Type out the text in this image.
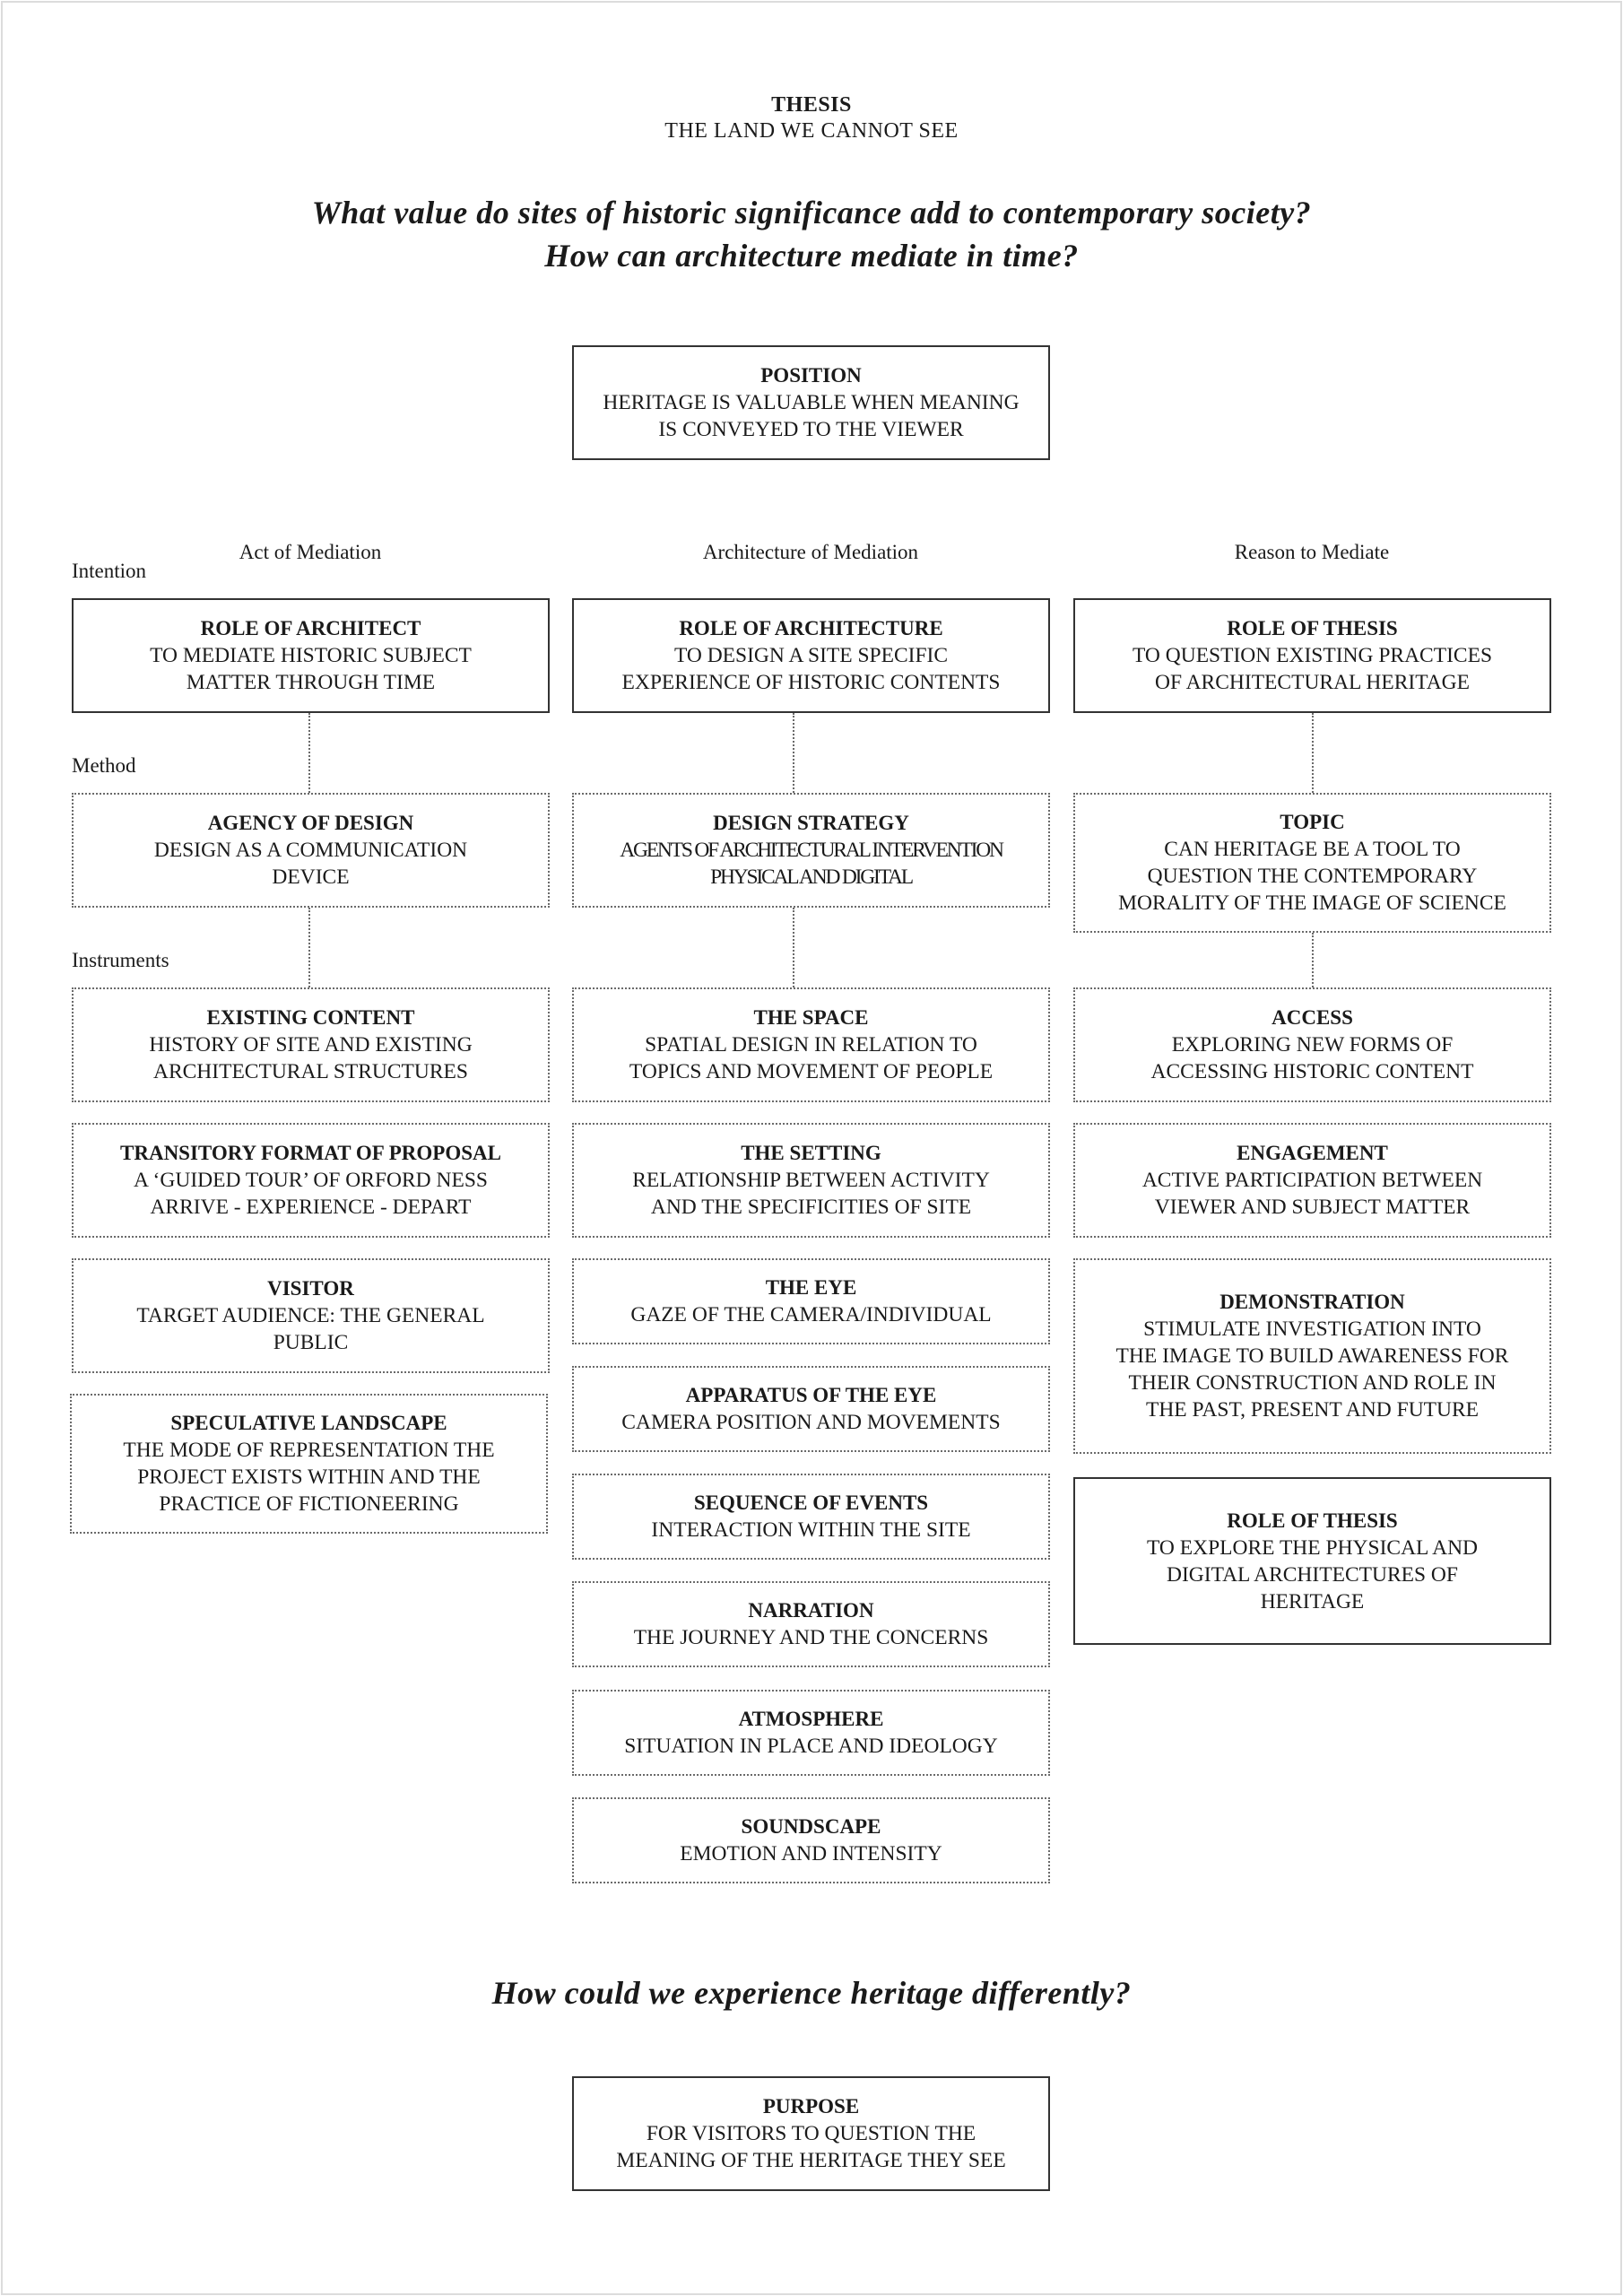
THESIS
THE LAND WE CANNOT SEE
What value do sites of historic significance add to contemporary society?
How can architecture mediate in time?
POSITION
HERITAGE IS VALUABLE WHEN MEANING
IS CONVEYED TO THE VIEWER
Act of Mediation	Architecture of Mediation	Reason to Mediate
Intention
Method
Instruments
ROLE OF ARCHITECT
TO MEDIATE HISTORIC SUBJECT
MATTER THROUGH TIME
ROLE OF ARCHITECTURE
TO DESIGN A SITE SPECIFIC
EXPERIENCE OF HISTORIC CONTENTS
ROLE OF THESIS
TO QUESTION EXISTING PRACTICES
OF ARCHITECTURAL HERITAGE
AGENCY OF DESIGN
DESIGN AS A COMMUNICATION
DEVICE
DESIGN STRATEGY
AGENTS OF ARCHITECTURAL INTERVENTION
PHYSICAL AND DIGITAL
TOPIC
CAN HERITAGE BE A TOOL TO
QUESTION THE CONTEMPORARY
MORALITY OF THE IMAGE OF SCIENCE
EXISTING CONTENT
HISTORY OF SITE AND EXISTING
ARCHITECTURAL STRUCTURES
TRANSITORY FORMAT OF PROPOSAL
A ‘GUIDED TOUR’ OF ORFORD NESS
ARRIVE - EXPERIENCE - DEPART
VISITOR
TARGET AUDIENCE: THE GENERAL
PUBLIC
SPECULATIVE LANDSCAPE
THE MODE OF REPRESENTATION THE
PROJECT EXISTS WITHIN AND THE
PRACTICE OF FICTIONEERING
THE SPACE
SPATIAL DESIGN IN RELATION TO
TOPICS AND MOVEMENT OF PEOPLE
THE SETTING
RELATIONSHIP BETWEEN ACTIVITY
AND THE SPECIFICITIES OF SITE
THE EYE
GAZE OF THE CAMERA/INDIVIDUAL
APPARATUS OF THE EYE
CAMERA POSITION AND MOVEMENTS
SEQUENCE OF EVENTS
INTERACTION WITHIN THE SITE
NARRATION
THE JOURNEY AND THE CONCERNS
ATMOSPHERE
SITUATION IN PLACE AND IDEOLOGY
SOUNDSCAPE
EMOTION AND INTENSITY
ACCESS
EXPLORING NEW FORMS OF
ACCESSING HISTORIC CONTENT
ENGAGEMENT
ACTIVE PARTICIPATION BETWEEN
VIEWER AND SUBJECT MATTER
DEMONSTRATION
STIMULATE INVESTIGATION INTO
THE IMAGE TO BUILD AWARENESS FOR
THEIR CONSTRUCTION AND ROLE IN
THE PAST, PRESENT AND FUTURE
ROLE OF THESIS
TO EXPLORE THE PHYSICAL AND
DIGITAL ARCHITECTURES OF
HERITAGE
How could we experience heritage differently?
PURPOSE
FOR VISITORS TO QUESTION THE
MEANING OF THE HERITAGE THEY SEE
